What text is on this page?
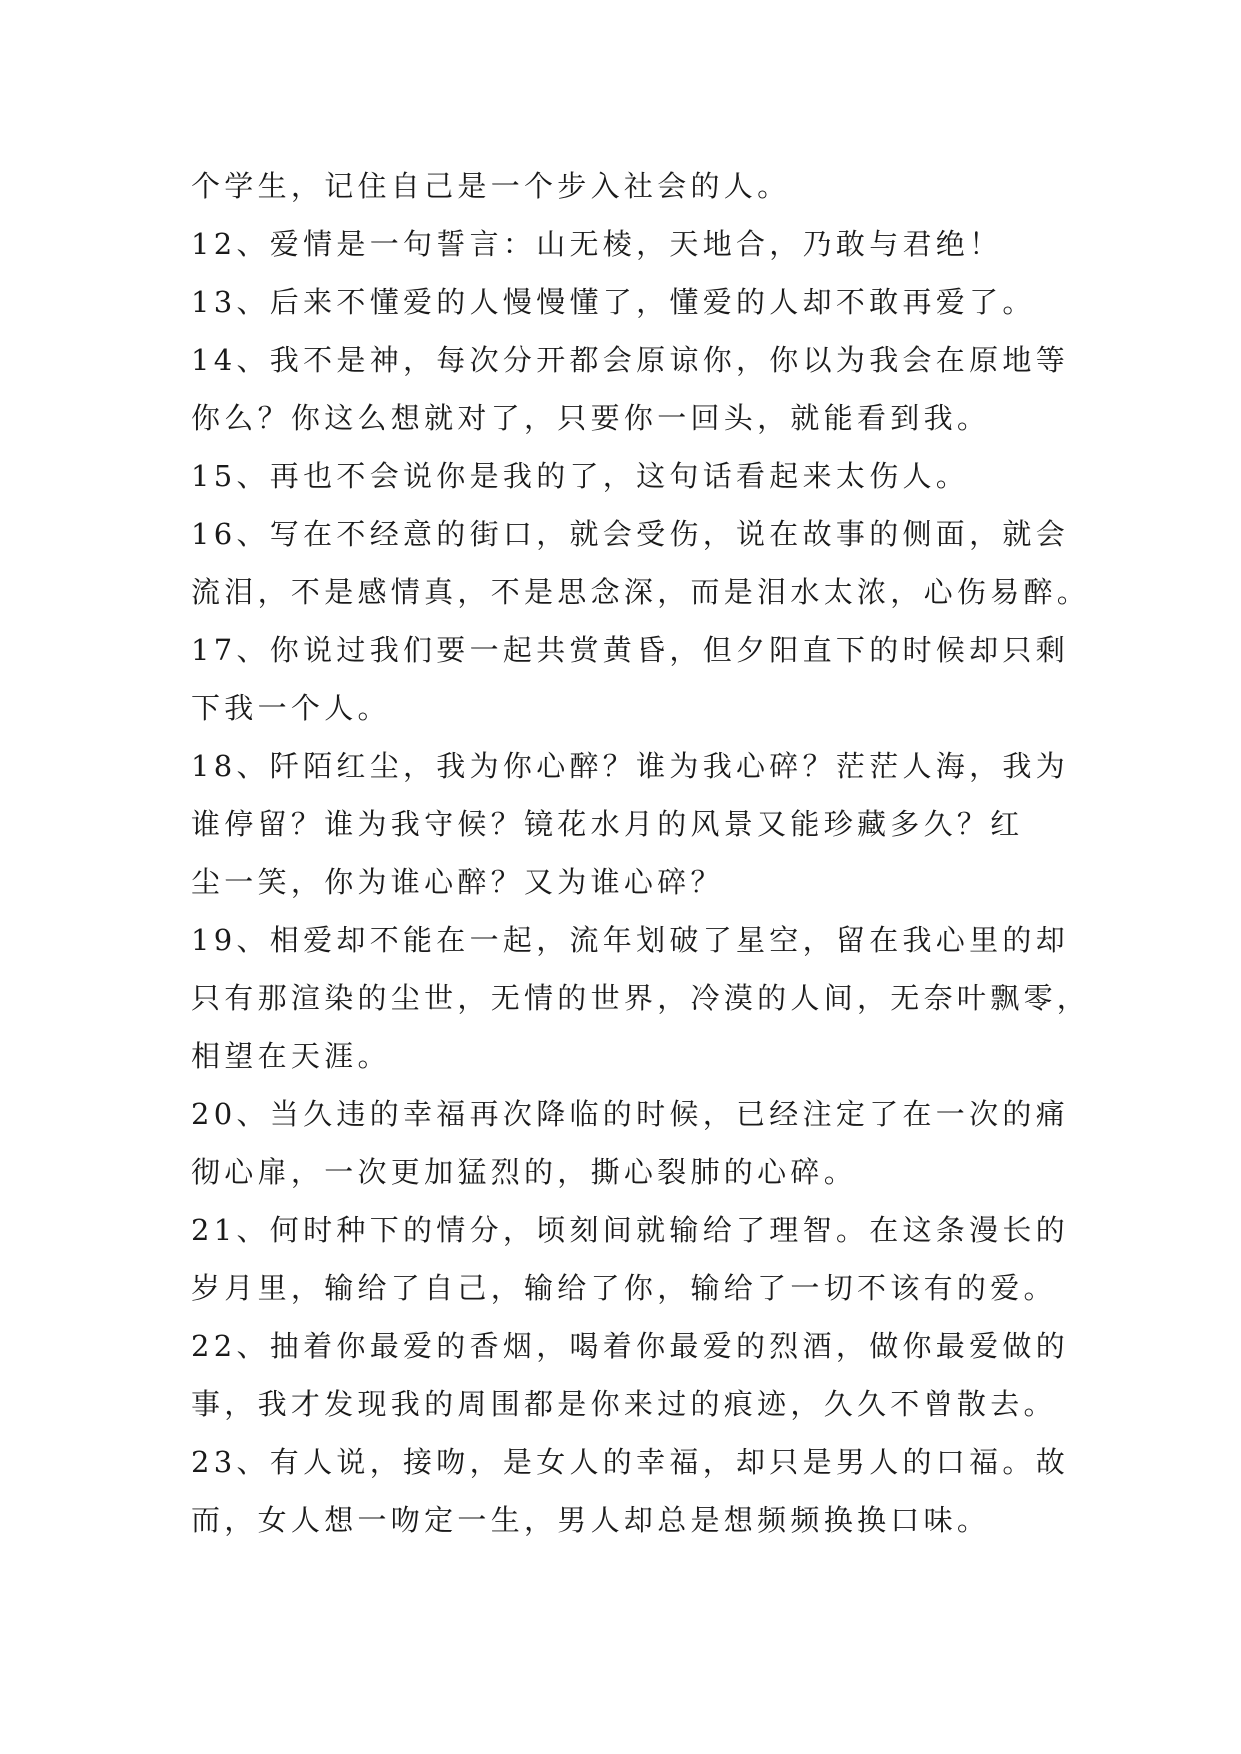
个学生，记住自己是一个步入社会的人。
12、爱情是一句誓言：山无棱，天地合，乃敢与君绝！
13、后来不懂爱的人慢慢懂了，懂爱的人却不敢再爱了。
14、我不是神，每次分开都会原谅你，你以为我会在原地等
你么？你这么想就对了，只要你一回头，就能看到我。
15、再也不会说你是我的了，这句话看起来太伤人。
16、写在不经意的街口，就会受伤，说在故事的侧面，就会
流泪，不是感情真，不是思念深，而是泪水太浓，心伤易醉。
17、你说过我们要一起共赏黄昏，但夕阳直下的时候却只剩
下我一个人。
18、阡陌红尘，我为你心醉？谁为我心碎？茫茫人海，我为
谁停留？谁为我守候？镜花水月的风景又能珍藏多久？红
尘一笑，你为谁心醉？又为谁心碎？
19、相爱却不能在一起，流年划破了星空，留在我心里的却
只有那渲染的尘世，无情的世界，冷漠的人间，无奈叶飘零，
相望在天涯。
20、当久违的幸福再次降临的时候，已经注定了在一次的痛
彻心扉，一次更加猛烈的，撕心裂肺的心碎。
21、何时种下的情分，顷刻间就输给了理智。在这条漫长的
岁月里，输给了自己，输给了你，输给了一切不该有的爱。
22、抽着你最爱的香烟，喝着你最爱的烈酒，做你最爱做的
事，我才发现我的周围都是你来过的痕迹，久久不曾散去。
23、有人说，接吻，是女人的幸福，却只是男人的口福。故
而，女人想一吻定一生，男人却总是想频频换换口味。
